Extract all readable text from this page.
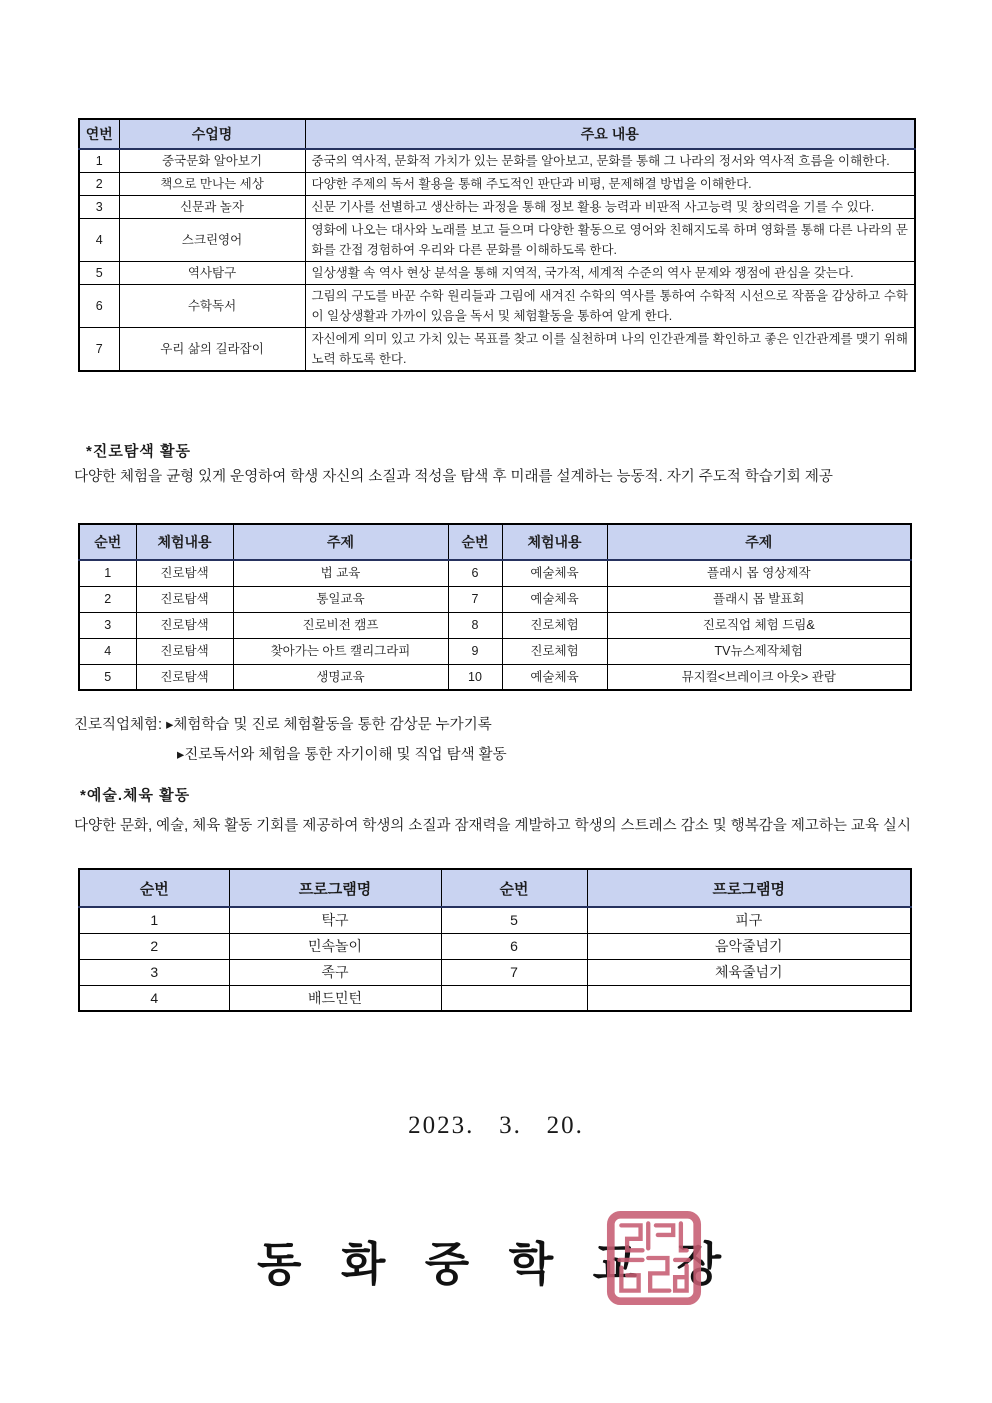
연번	수업명	주요 내용
1	중국문화 알아보기	중국의 역사적, 문화적 가치가 있는 문화를 알아보고, 문화를 통해 그 나라의 정서와 역사적 흐름을 이해한다.
2	책으로 만나는 세상	다양한 주제의 독서 활용을 통해 주도적인 판단과 비평, 문제해결 방법을 이해한다.
3	신문과 놀자	신문 기사를 선별하고 생산하는 과정을 통해 정보 활용 능력과 비판적 사고능력 및 창의력을 기를 수 있다.
4	스크린영어	영화에 나오는 대사와 노래를 보고 들으며 다양한 활동으로 영어와 친해지도록 하며 영화를 통해 다른 나라의 문화를 간접 경험하여 우리와 다른 문화를 이해하도록 한다.
5	역사탐구	일상생활 속 역사 현상 분석을 통해 지역적, 국가적, 세계적 수준의 역사 문제와 쟁점에 관심을 갖는다.
6	수학독서	그림의 구도를 바꾼 수학 원리들과 그림에 새겨진 수학의 역사를 통하여 수학적 시선으로 작품을 감상하고 수학이 일상생활과 가까이 있음을 독서 및 체험활동을 통하여 알게 한다.
7	우리 삶의 길라잡이	자신에게 의미 있고 가치 있는 목표를 찾고 이를 실천하며 나의 인간관계를 확인하고 좋은 인간관계를 맺기 위해 노력 하도록 한다.
*진로탐색 활동
다양한 체험을 균형 있게 운영하여 학생 자신의 소질과 적성을 탐색 후 미래를 설계하는 능동적. 자기 주도적 학습기회 제공
순번	체험내용	주제	순번	체험내용	주제
1	진로탐색	법 교육	6	예술체육	플래시 몹 영상제작
2	진로탐색	통일교육	7	예술체육	플래시 몹 발표회
3	진로탐색	진로비전 캠프	8	진로체험	진로직업 체험 드림&
4	진로탐색	찾아가는 아트 캘리그라피	9	진로체험	TV뉴스제작체험
5	진로탐색	생명교육	10	예술체육	뮤지컬<브레이크 아웃> 관람
진로직업체험: ▸체험학습 및 진로 체험활동을 통한 감상문 누가기록
▸진로독서와 체험을 통한 자기이해 및 직업 탐색 활동
*예술.체육 활동
다양한 문화, 예술, 체육 활동 기회를 제공하여 학생의 소질과 잠재력을 계발하고 학생의 스트레스 감소 및 행복감을 제고하는 교육 실시
순번	프로그램명	순번	프로그램명
1	탁구	5	피구
2	민속놀이	6	음악줄넘기
3	족구	7	체육줄넘기
4	배드민턴		
2023.   3.   20.
동 화 중 학 교 장
